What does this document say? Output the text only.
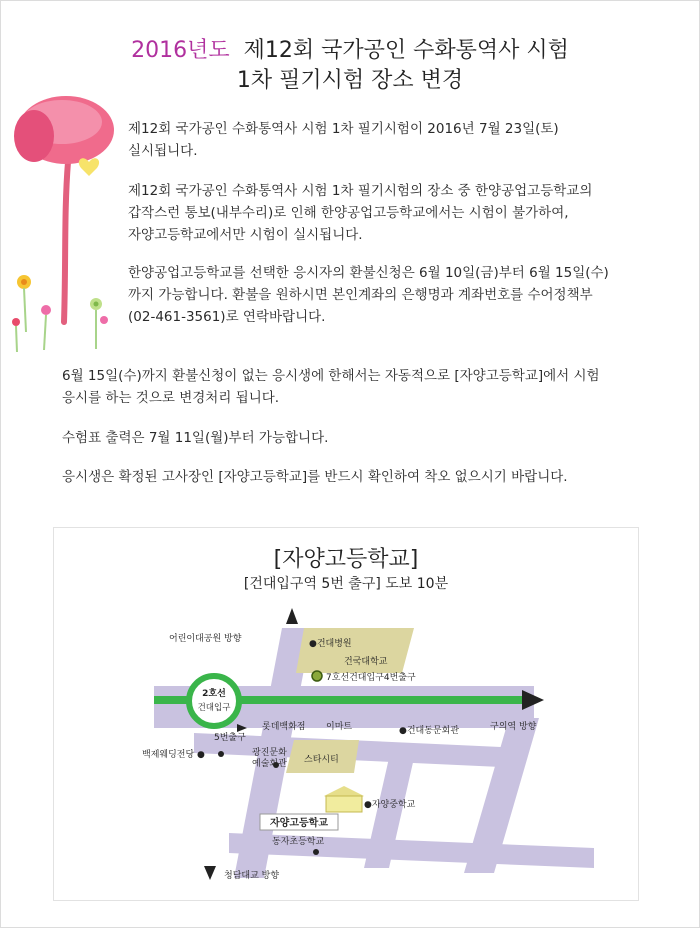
2016년도 제12회 국가공인 수화통역사 시험
1차 필기시험 장소 변경
제12회 국가공인 수화통역사 시험 1차 필기시험이 2016년 7월 23일(토)
실시됩니다.
제12회 국가공인 수화통역사 시험 1차 필기시험의 장소 중 한양공업고등학교의
갑작스런 통보(내부수리)로 인해 한양공업고등학교에서는 시험이 불가하여,
자양고등학교에서만 시험이 실시됩니다.
한양공업고등학교를 선택한 응시자의 환불신청은 6월 10일(금)부터 6월 15일(수)
까지 가능합니다. 환불을 원하시면 본인계좌의 은행명과 계좌번호를 수어정책부
(02-461-3561)로 연락바랍니다.
6월 15일(수)까지 환불신청이 없는 응시생에 한해서는 자동적으로 [자양고등학교]에서 시험
응시를 하는 것으로 변경처리 됩니다.
수험표 출력은 7월 11일(월)부터 가능합니다.
응시생은 확정된 고사장인 [자양고등학교]를 반드시 확인하여 착오 없으시기 바랍니다.
[자양고등학교]
[건대입구역 5번 출구] 도보 10분
어린이대공원 방향	●건대병원
건국대학교
7호선건대입구4번출구
2호선
건대입구
5번출구
롯데백화점 이마트	●건대동문회관	구의역 방향
백제웨딩전당 ●	광진문화
예술회관 스타시티
●자양중학교
자양고등학교
동자초등학교
청담대교 방향
